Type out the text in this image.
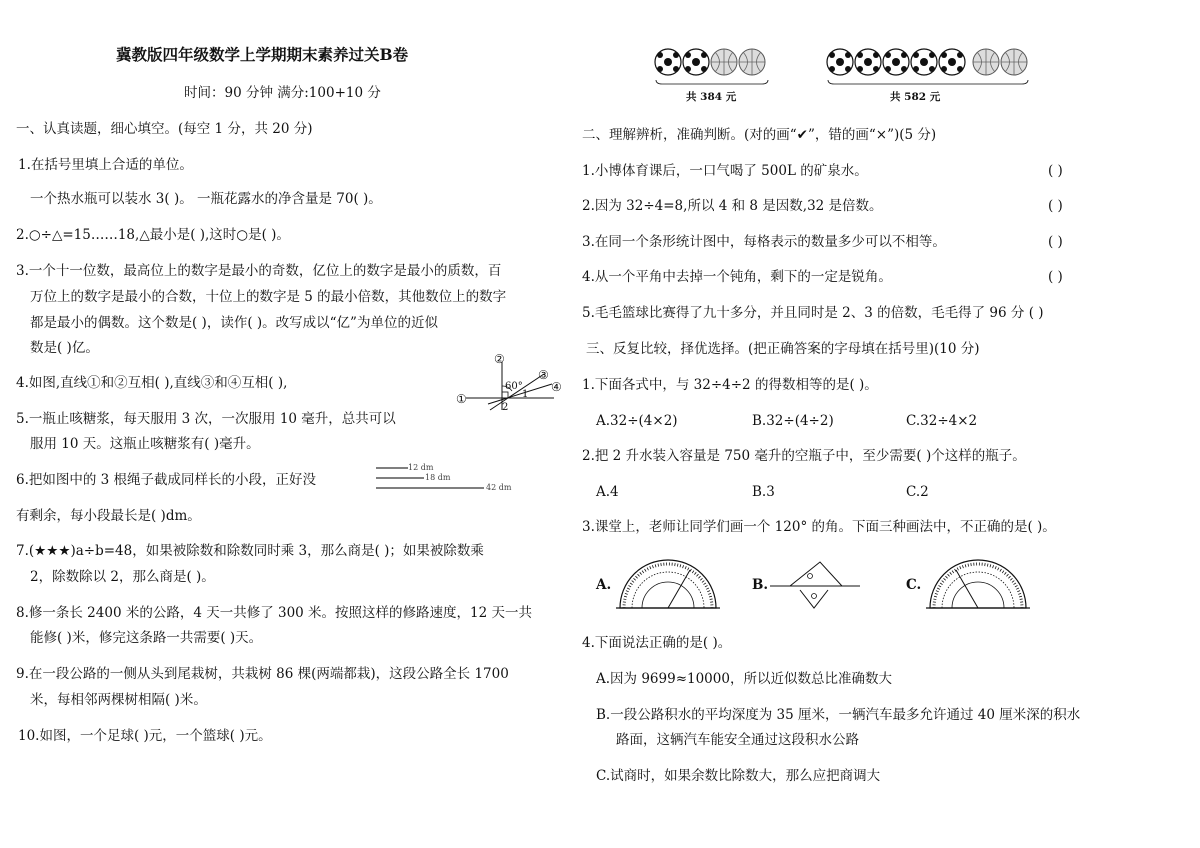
冀教版四年级数学上学期期末素养过关B卷
时间：90 分钟 满分:100+10 分
一、认真读题，细心填空。(每空 1 分，共 20 分)
1.在括号里填上合适的单位。
一个热水瓶可以装水 3( )。 一瓶花露水的净含量是 70( )。
2.○÷△=15……18,△最小是( ),这时○是( )。
3.一个十一位数，最高位上的数字是最小的奇数，亿位上的数字是最小的质数，百
万位上的数字是最小的合数，十位上的数字是 5 的最小倍数，其他数位上的数字
都是最小的偶数。这个数是( )，读作( )。改写成以“亿”为单位的近似
数是( )亿。
4.如图,直线①和②互相( ),直线③和④互相( ),
5.一瓶止咳糖浆，每天服用 3 次，一次服用 10 毫升，总共可以
服用 10 天。这瓶止咳糖浆有( )毫升。
6.把如图中的 3 根绳子截成同样长的小段，正好没
有剩余，每小段最长是( )dm。
7.(★★★)a÷b=48，如果被除数和除数同时乘 3，那么商是( )；如果被除数乘
2，除数除以 2，那么商是( )。
8.修一条长 2400 米的公路，4 天一共修了 300 米。按照这样的修路速度，12 天一共
能修( )米，修完这条路一共需要( )天。
9.在一段公路的一侧从头到尾栽树，共栽树 86 棵(两端都栽)，这段公路全长 1700
米，每相邻两棵树相隔( )米。
10.如图，一个足球( )元，一个篮球( )元。
②
①
③
④
1
2
60°
12 dm
18 dm
42 dm
共 384 元	共 582 元
二、理解辨析，准确判断。(对的画“✔”，错的画“×”)(5 分)
1.小博体育课后，一口气喝了 500L 的矿泉水。	( )
2.因为 32÷4=8,所以 4 和 8 是因数,32 是倍数。	( )
3.在同一个条形统计图中，每格表示的数量多少可以不相等。	( )
4.从一个平角中去掉一个钝角，剩下的一定是锐角。	( )
5.毛毛篮球比赛得了九十多分，并且同时是 2、3 的倍数，毛毛得了 96 分 ( )
三、反复比较，择优选择。(把正确答案的字母填在括号里)(10 分)
1.下面各式中，与 32÷4÷2 的得数相等的是( )。
A.32÷(4×2)	B.32÷(4÷2)	C.32÷4×2
2.把 2 升水装入容量是 750 毫升的空瓶子中，至少需要( )个这样的瓶子。
A.4	B.3	C.2
3.课堂上，老师让同学们画一个 120° 的角。下面三种画法中，不正确的是( )。
A.	B.	C.
4.下面说法正确的是( )。
A.因为 9699≈10000，所以近似数总比准确数大
B.一段公路积水的平均深度为 35 厘米，一辆汽车最多允许通过 40 厘米深的积水
路面，这辆汽车能安全通过这段积水公路
C.试商时，如果余数比除数大，那么应把商调大
